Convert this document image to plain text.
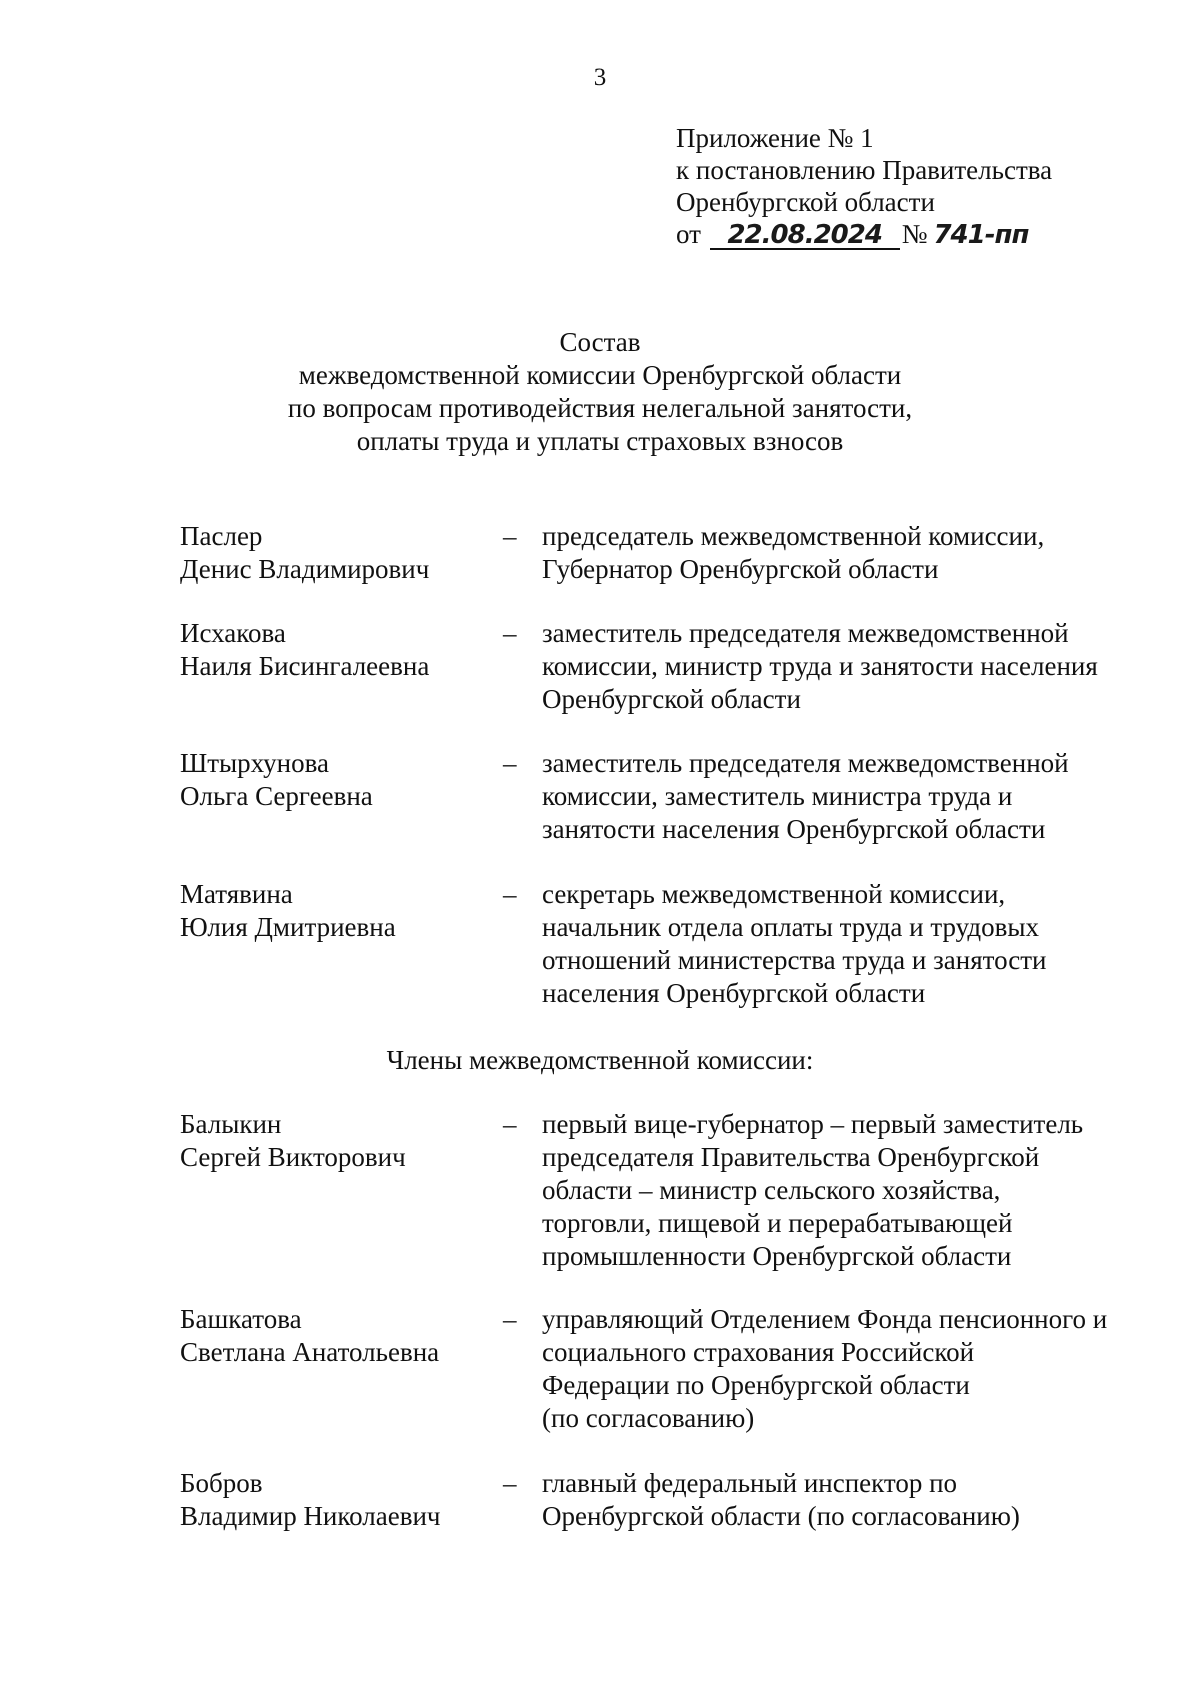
3
Приложение № 1
к постановлению Правительства
Оренбургской области
от 22.08.2024 № 741-пп
Состав
межведомственной комиссии Оренбургской области
по вопросам противодействия нелегальной занятости,
оплаты труда и уплаты страховых взносов
Паслер
Денис Владимирович
– председатель межведомственной комиссии,
Губернатор Оренбургской области
Исхакова
Наиля Бисингалеевна
– заместитель председателя межведомственной
комиссии, министр труда и занятости населения
Оренбургской области
Штырхунова
Ольга Сергеевна
– заместитель председателя межведомственной
комиссии, заместитель министра труда и
занятости населения Оренбургской области
Матявина
Юлия Дмитриевна
– секретарь межведомственной комиссии,
начальник отдела оплаты труда и трудовых
отношений министерства труда и занятости
населения Оренбургской области
Члены межведомственной комиссии:
Балыкин
Сергей Викторович
– первый вице-губернатор – первый заместитель
председателя Правительства Оренбургской
области – министр сельского хозяйства,
торговли, пищевой и перерабатывающей
промышленности Оренбургской области
Башкатова
Светлана Анатольевна
– управляющий Отделением Фонда пенсионного и
социального страхования Российской
Федерации по Оренбургской области
(по согласованию)
Бобров
Владимир Николаевич
– главный федеральный инспектор по
Оренбургской области (по согласованию)
